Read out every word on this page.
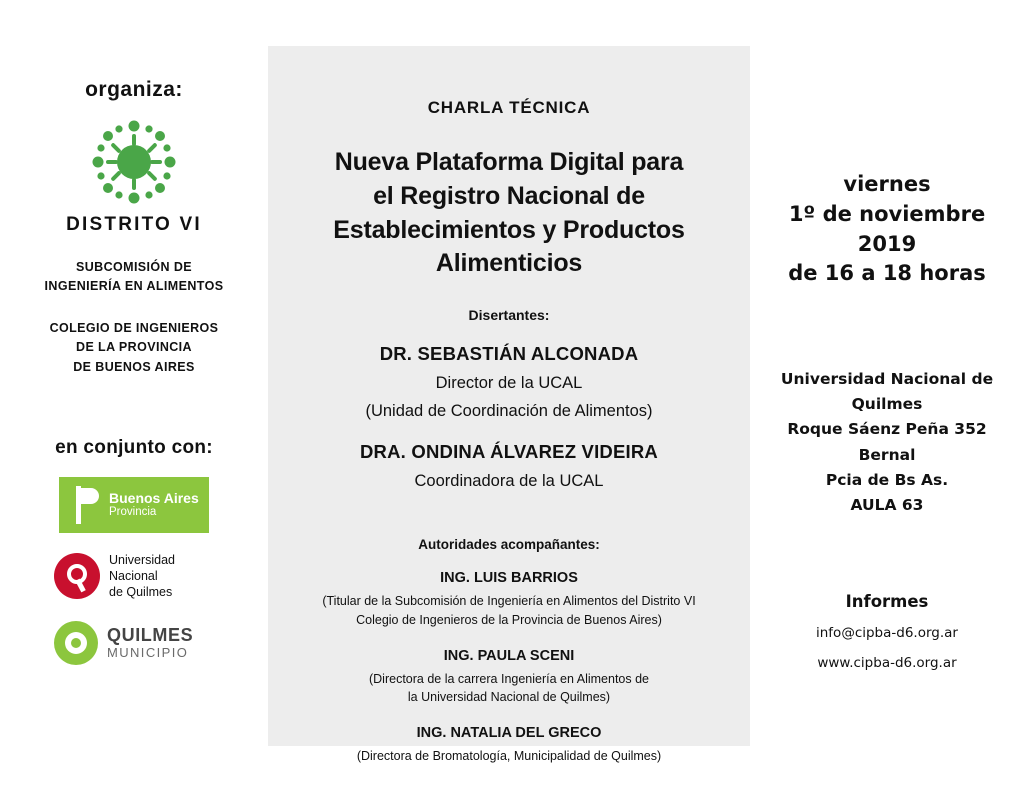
organiza:
DISTRITO VI
SUBCOMISIÓN DE
INGENIERÍA EN ALIMENTOS
COLEGIO DE INGENIEROS
DE LA PROVINCIA
DE BUENOS AIRES
en conjunto con:
Buenos Aires
Provincia
Universidad
Nacional
de Quilmes
QUILMES
MUNICIPIO
CHARLA TÉCNICA
Nueva Plataforma Digital para
el Registro Nacional de
Establecimientos y Productos Alimenticios
Disertantes:
DR. SEBASTIÁN ALCONADA
Director de la UCAL
(Unidad de Coordinación de Alimentos)
DRA. ONDINA ÁLVAREZ VIDEIRA
Coordinadora de la UCAL
Autoridades acompañantes:
ING. LUIS BARRIOS
(Titular de la Subcomisión de Ingeniería en Alimentos del Distrito VI
Colegio de Ingenieros de la Provincia de Buenos Aires)
ING. PAULA SCENI
(Directora de la carrera Ingeniería en Alimentos de
la Universidad Nacional de Quilmes)
ING. NATALIA DEL GRECO
(Directora de Bromatología, Municipalidad de Quilmes)
viernes
1º de noviembre
2019
de 16 a 18 horas
Universidad Nacional de Quilmes
Roque Sáenz Peña 352
Bernal
Pcia de Bs As.
AULA 63
Informes
info@cipba-d6.org.ar
www.cipba-d6.org.ar
